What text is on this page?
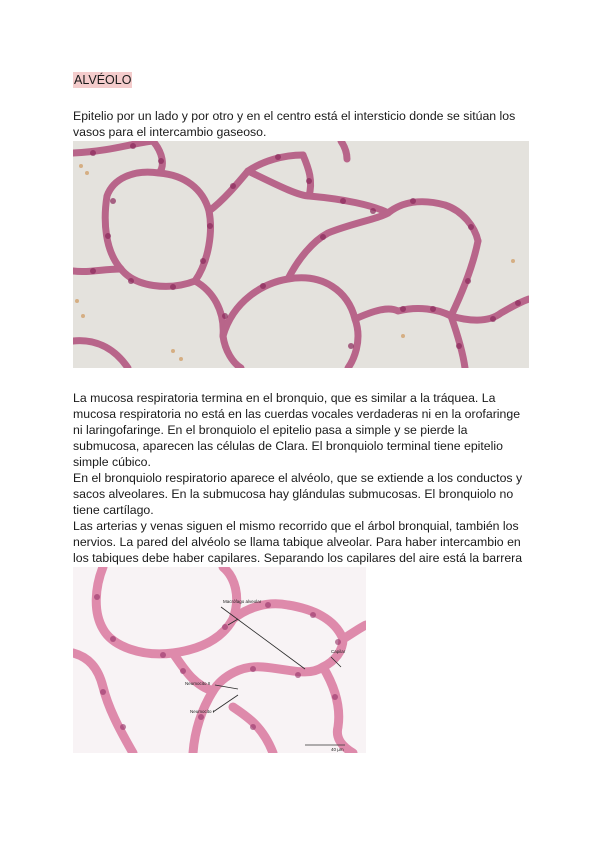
ALVÉOLO

Epitelio por un lado y por otro y en el centro está el intersticio donde se sitúan los vasos para el intercambio gaseoso.

La mucosa respiratoria termina en el bronquio, que es similar a la tráquea. La mucosa respiratoria no está en las cuerdas vocales verdaderas ni en la orofaringe ni laringofaringe. En el bronquiolo el epitelio pasa a simple y se pierde la submucosa, aparecen las células de Clara. El bronquiolo terminal tiene epitelio simple cúbico.

En el bronquiolo respiratorio aparece el alvéolo, que se extiende a los conductos y sacos alveolares. En la submucosa hay glándulas submucosas. El bronquiolo no tiene cartílago.

Las arterias y venas siguen el mismo recorrido que el árbol bronquial, también los nervios. La pared del alvéolo se llama tabique alveolar. Para haber intercambio en los tabiques debe haber capilares. Separando los capilares del aire está la barrera

Macrófago alveolar
Neumocito II
Neumocito I
Capilar
40 µm
